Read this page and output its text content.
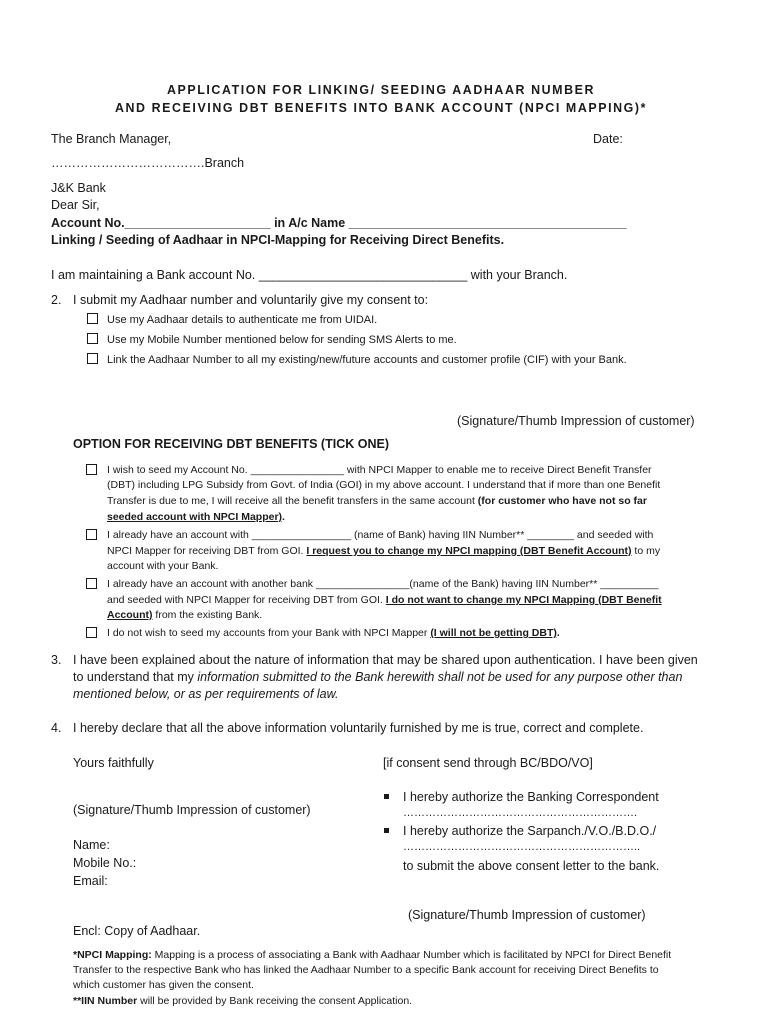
APPLICATION FOR LINKING/ SEEDING AADHAAR NUMBER
AND RECEIVING DBT BENEFITS INTO BANK ACCOUNT (NPCI MAPPING)*
The Branch Manager,	Date:
……………………………….Branch
J&K Bank
Dear Sir,
Account No._____________________ in A/c Name ________________________________________
Linking / Seeding of Aadhaar in NPCI-Mapping for Receiving Direct Benefits.
I am maintaining a Bank account No. ______________________________ with your Branch.
2. I submit my Aadhaar number and voluntarily give my consent to:
Use my Aadhaar details to authenticate me from UIDAI.
Use my Mobile Number mentioned below for sending SMS Alerts to me.
Link the Aadhaar Number to all my existing/new/future accounts and customer profile (CIF) with your Bank.
(Signature/Thumb Impression of customer)
OPTION FOR RECEIVING DBT BENEFITS (TICK ONE)
I wish to seed my Account No. ________________ with NPCI Mapper to enable me to receive Direct Benefit Transfer
(DBT) including LPG Subsidy from Govt. of India (GOI) in my above account. I understand that if more than one Benefit
Transfer is due to me, I will receive all the benefit transfers in the same account (for customer who have not so far
seeded account with NPCI Mapper).
I already have an account with _________________ (name of Bank) having IIN Number** ________ and seeded with
NPCI Mapper for receiving DBT from GOI. I request you to change my NPCI mapping (DBT Benefit Account) to my
account with your Bank.
I already have an account with another bank ________________(name of the Bank) having IIN Number** __________
and seeded with NPCI Mapper for receiving DBT from GOI. I do not want to change my NPCI Mapping (DBT Benefit
Account) from the existing Bank.
I do not wish to seed my accounts from your Bank with NPCI Mapper (I will not be getting DBT).
3. I have been explained about the nature of information that may be shared upon authentication. I have been given
to understand that my information submitted to the Bank herewith shall not be used for any purpose other than
mentioned below, or as per requirements of law.
4. I hereby declare that all the above information voluntarily furnished by me is true, correct and complete.
Yours faithfully
(Signature/Thumb Impression of customer)
Name:
Mobile No.:
Email:
Encl: Copy of Aadhaar.
[if consent send through BC/BDO/VO]
I hereby authorize the Banking Correspondent
……………………………………………………….
I hereby authorize the Sarpanch./V.O./B.D.O./
………………………………………………………..
to submit the above consent letter to the bank.
(Signature/Thumb Impression of customer)
*NPCI Mapping: Mapping is a process of associating a Bank with Aadhaar Number which is facilitated by NPCI for Direct Benefit
Transfer to the respective Bank who has linked the Aadhaar Number to a specific Bank account for receiving Direct Benefits to
which customer has given the consent.
**IIN Number will be provided by Bank receiving the consent Application.
